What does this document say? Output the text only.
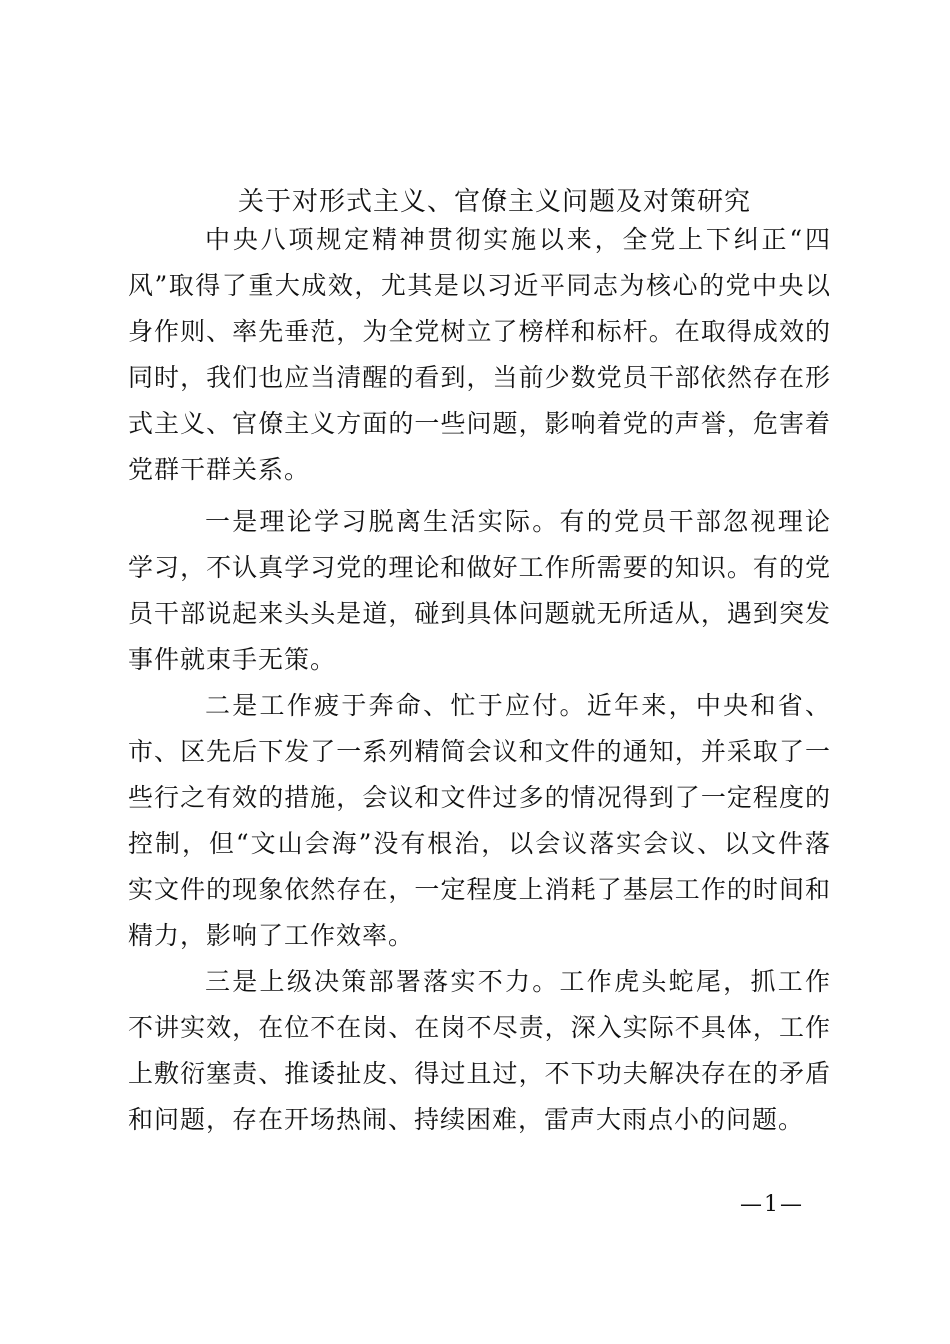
关于对形式主义、官僚主义问题及对策研究
中央八项规定精神贯彻实施以来，全党上下纠正“四
风”取得了重大成效，尤其是以习近平同志为核心的党中央以
身作则、率先垂范，为全党树立了榜样和标杆。在取得成效的
同时，我们也应当清醒的看到，当前少数党员干部依然存在形
式主义、官僚主义方面的一些问题，影响着党的声誉，危害着
党群干群关系。
一是理论学习脱离生活实际。有的党员干部忽视理论
学习，不认真学习党的理论和做好工作所需要的知识。有的党
员干部说起来头头是道，碰到具体问题就无所适从，遇到突发
事件就束手无策。
二是工作疲于奔命、忙于应付。近年来，中央和省、
市、区先后下发了一系列精简会议和文件的通知，并采取了一
些行之有效的措施，会议和文件过多的情况得到了一定程度的
控制，但“文山会海”没有根治，以会议落实会议、以文件落
实文件的现象依然存在，一定程度上消耗了基层工作的时间和
精力，影响了工作效率。
三是上级决策部署落实不力。工作虎头蛇尾，抓工作
不讲实效，在位不在岗、在岗不尽责，深入实际不具体，工作
上敷衍塞责、推诿扯皮、得过且过，不下功夫解决存在的矛盾
和问题，存在开场热闹、持续困难，雷声大雨点小的问题。
—1—
